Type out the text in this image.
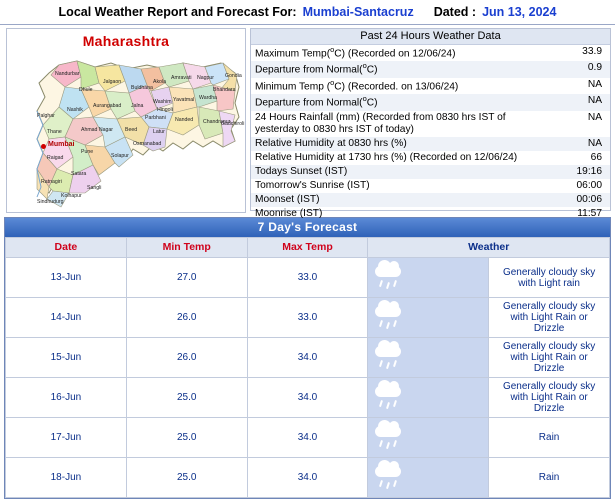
Local Weather Report and Forecast For: Mumbai-Santacruz Dated : Jun 13, 2024
Maharashtra
Mumbai
Nandurbar
Dhule
Jalgaon
Buldhana
Akola
Amravati Nagpur
Bhandara
Gondia
Washim Yavatmal Wardha
Chandrapur
Gadchiroli
Nashik
Jalna
Aurangabad
Parbhani
Hingoli
Nanded
Palghar
Thane	Ahmad Nagar Beed	Latur
Osmanabad
Pune
Raigad	Solapur
Satara
Ratnagiri
Sangli
Kolhapur
Sindhudurg
Past 24 Hours Weather Data
Maximum Temp($^o$C) (Recorded on 12/06/24)	33.9
Departure from Normal($^o$C)	0.9
Minimum Temp ($^o$C) (Recorded. on 13/06/24)	NA
Departure from Normal($^o$C)	NA
24 Hours Rainfall (mm) (Recorded from 0830 hrs IST of yesterday to 0830 hrs IST of today)	NA
Relative Humidity at 0830 hrs (%)	NA
Relative Humidity at 1730 hrs (%) (Recorded on 12/06/24)	66
Todays Sunset (IST)	19:16
Tomorrow's Sunrise (IST)	06:00
Moonset (IST)	00:06
Moonrise (IST)	11:57
7 Day's Forecast
Date	Min Temp	Max Temp	Weather	
13-Jun	27.0	33.0		Generally cloudy sky with Light rain
14-Jun	26.0	33.0		Generally cloudy sky with Light Rain or Drizzle
15-Jun	26.0	34.0		Generally cloudy sky with Light Rain or Drizzle
16-Jun	25.0	34.0		Generally cloudy sky with Light Rain or Drizzle
17-Jun	25.0	34.0		Rain
18-Jun	25.0	34.0		Rain
